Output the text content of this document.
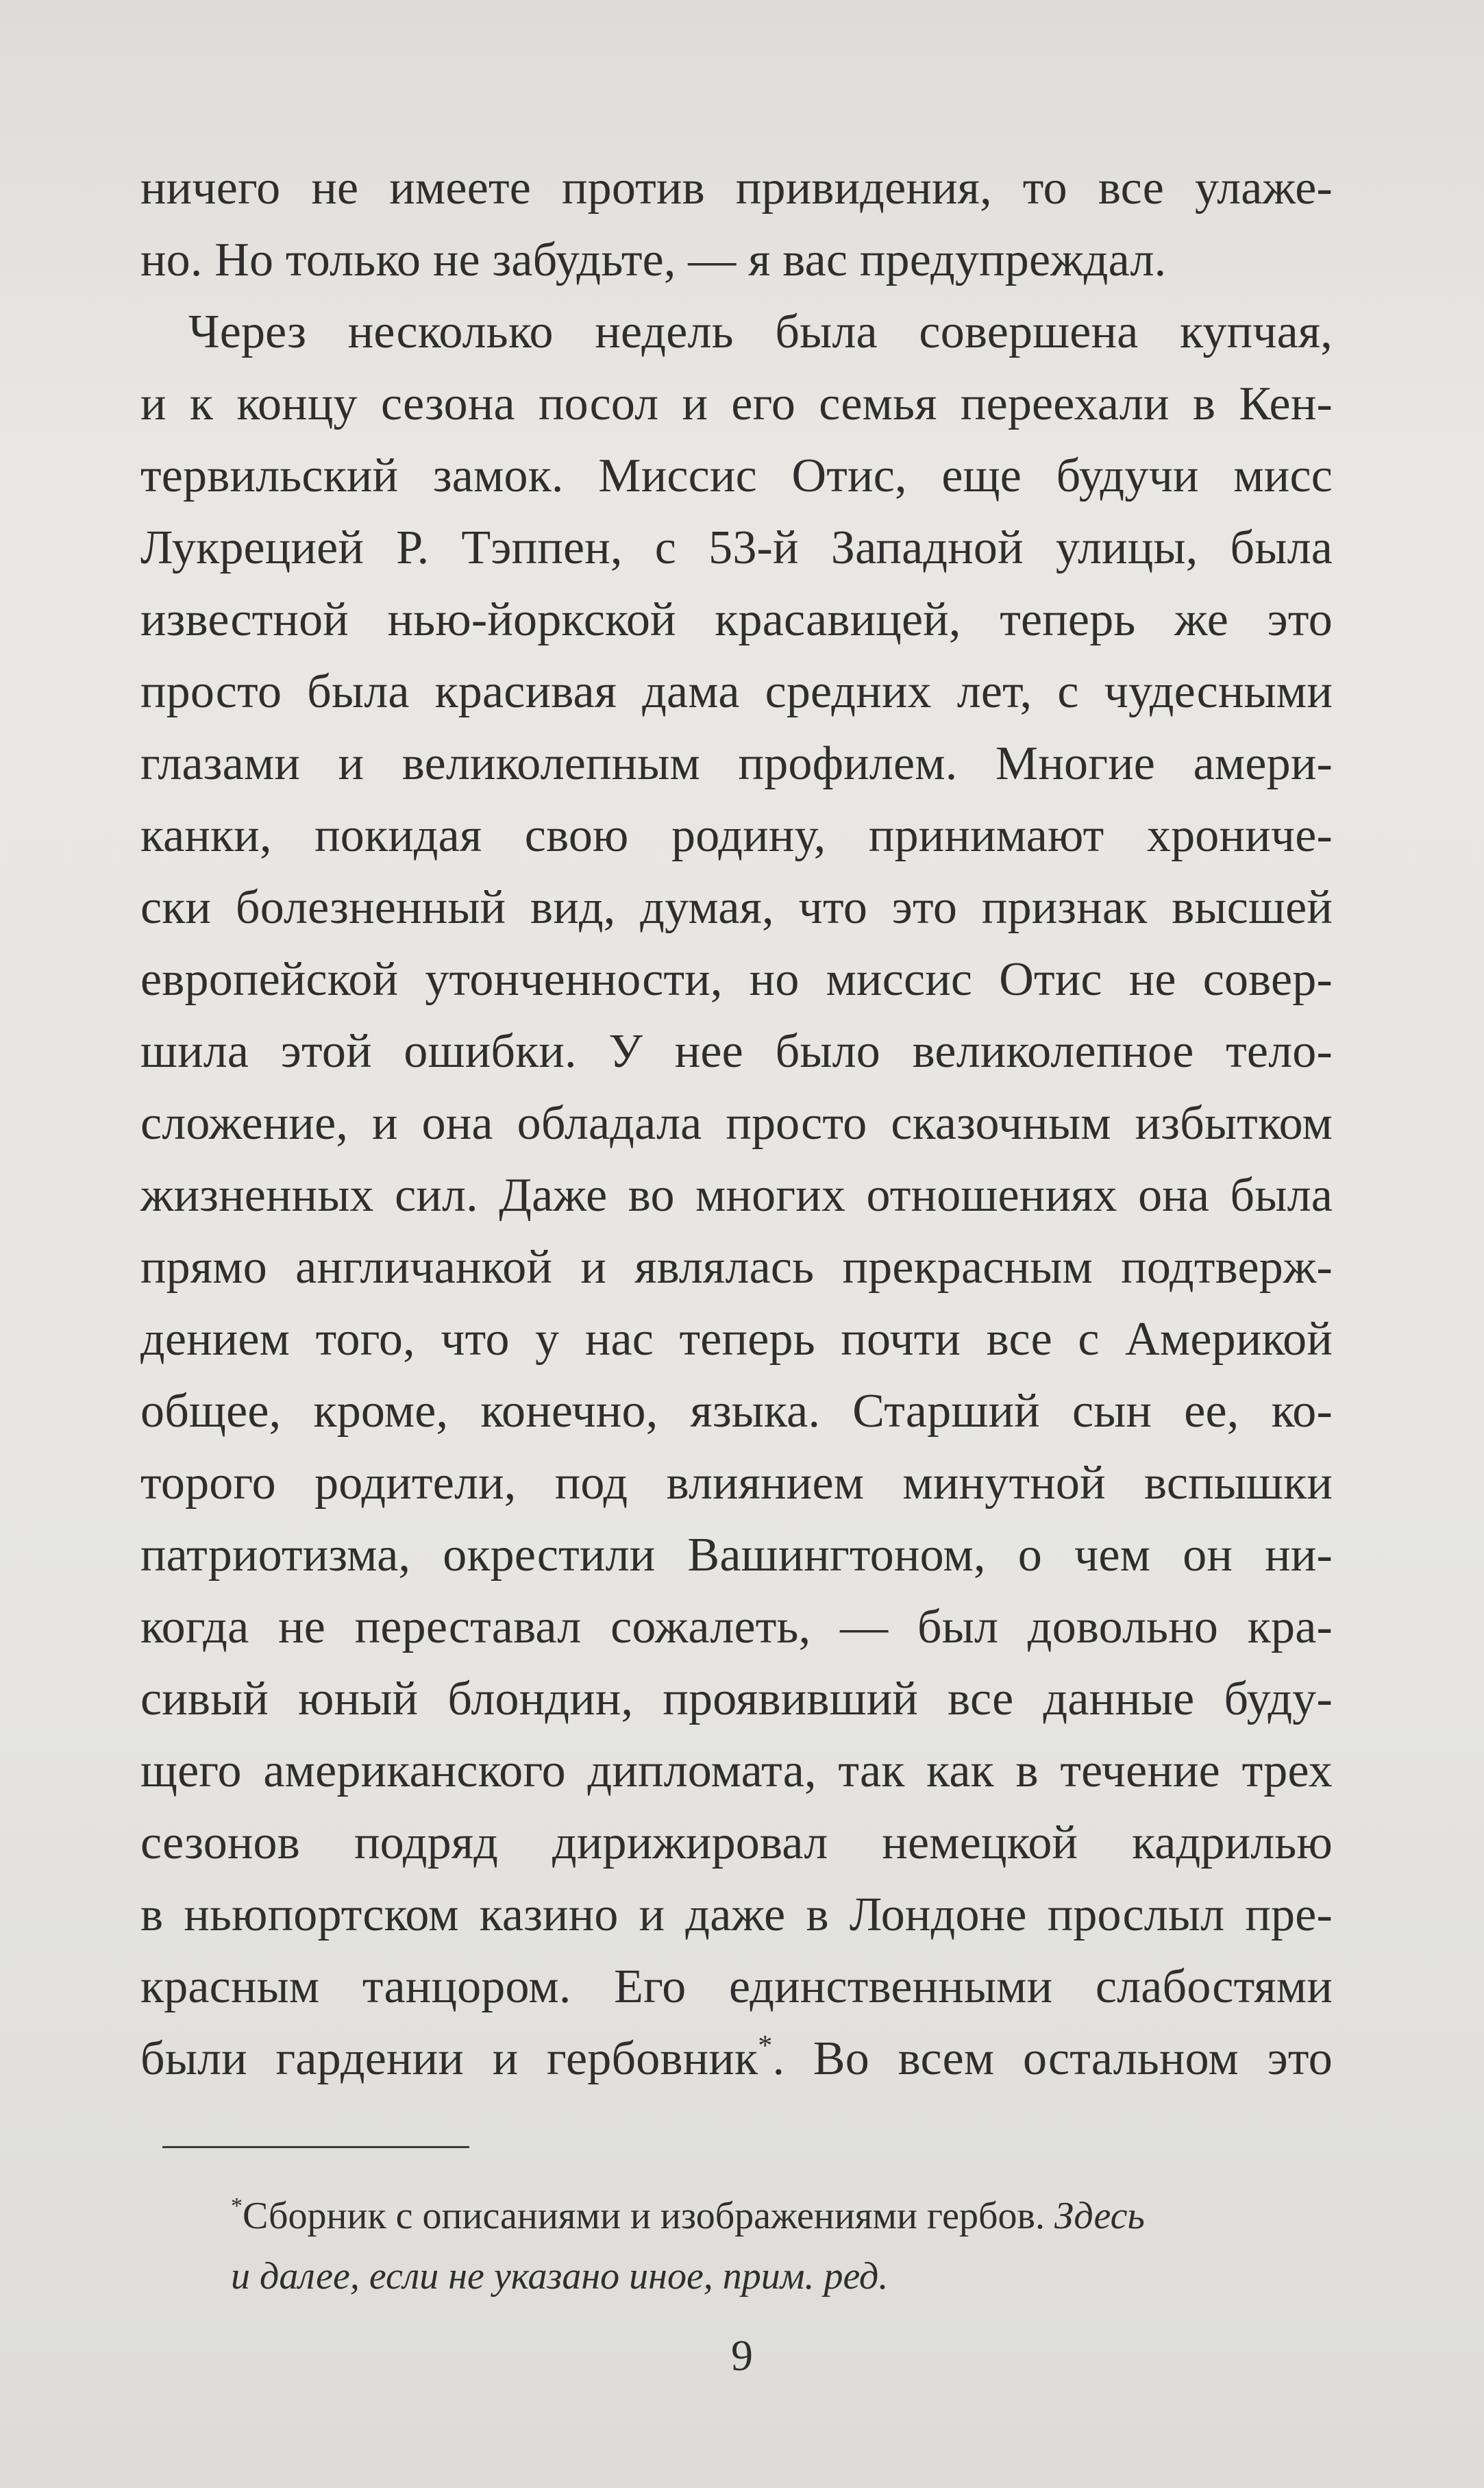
ничего не имеете против привидения, то все улаже-
но. Но только не забудьте, — я вас предупреждал.
Через несколько недель была совершена купчая,
и к концу сезона посол и его семья переехали в Кен-
тервильский замок. Миссис Отис, еще будучи мисс
Лукрецией Р. Тэппен, с 53-й Западной улицы, была
известной нью-йоркской красавицей, теперь же это
просто была красивая дама средних лет, с чудесными
глазами и великолепным профилем. Многие амери-
канки, покидая свою родину, принимают хрониче-
ски болезненный вид, думая, что это признак высшей
европейской утонченности, но миссис Отис не совер-
шила этой ошибки. У нее было великолепное тело-
сложение, и она обладала просто сказочным избытком
жизненных сил. Даже во многих отношениях она была
прямо англичанкой и являлась прекрасным подтверж-
дением того, что у нас теперь почти все с Америкой
общее, кроме, конечно, языка. Старший сын ее, ко-
торого родители, под влиянием минутной вспышки
патриотизма, окрестили Вашингтоном, о чем он ни-
когда не переставал сожалеть, — был довольно кра-
сивый юный блондин, проявивший все данные буду-
щего американского дипломата, так как в течение трех
сезонов подряд дирижировал немецкой кадрилью
в ньюпортском казино и даже в Лондоне прослыл пре-
красным танцором. Его единственными слабостями
были гардении и гербовник*. Во всем остальном это
*Сборник с описаниями и изображениями гербов. Здесь
и далее, если не указано иное, прим. ред.
9
